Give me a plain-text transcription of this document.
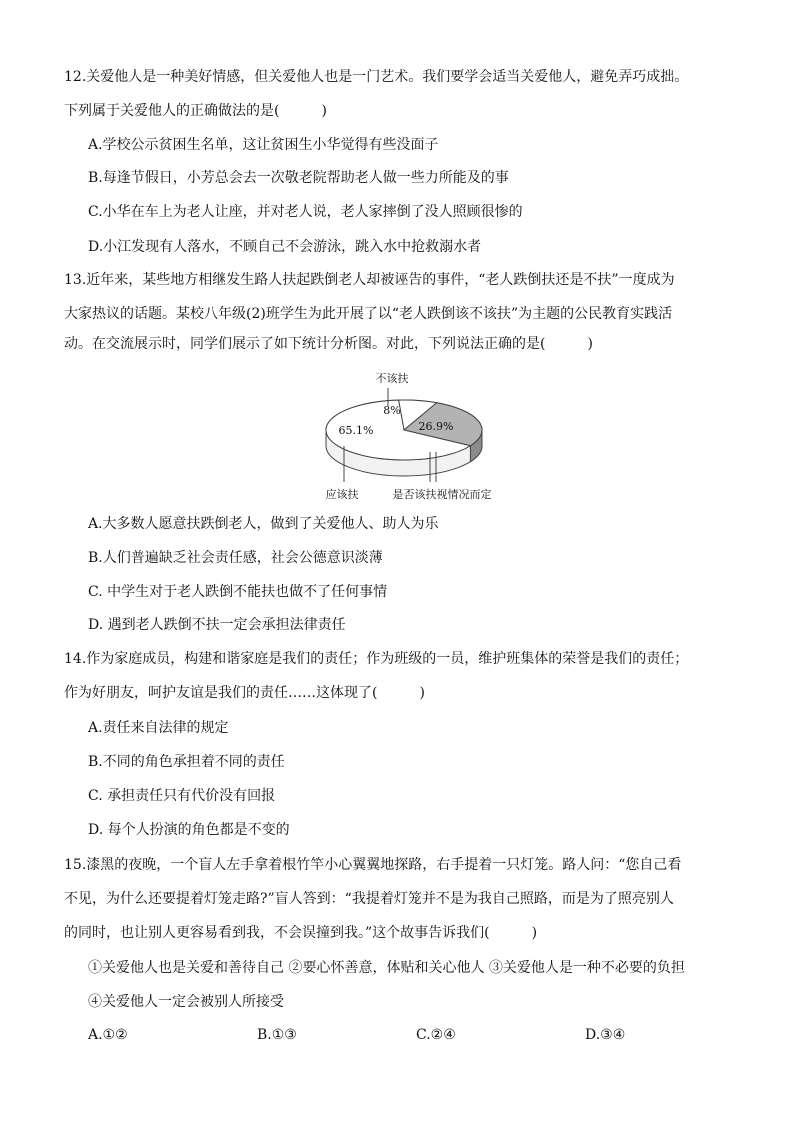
12.关爱他人是一种美好情感，但关爱他人也是一门艺术。我们要学会适当关爱他人，避免弄巧成拙。
下列属于关爱他人的正确做法的是(　　　)
A.学校公示贫困生名单，这让贫困生小华觉得有些没面子
B.每逢节假日，小芳总会去一次敬老院帮助老人做一些力所能及的事
C.小华在车上为老人让座，并对老人说，老人家摔倒了没人照顾很惨的
D.小江发现有人落水，不顾自己不会游泳，跳入水中抢救溺水者
13.近年来，某些地方相继发生路人扶起跌倒老人却被诬告的事件，“老人跌倒扶还是不扶”一度成为
大家热议的话题。某校八年级(2)班学生为此开展了以“老人跌倒该不该扶”为主题的公民教育实践活
动。在交流展示时，同学们展示了如下统计分析图。对此，下列说法正确的是(　　　)
65.1%	26.9%
8%
不该扶
应该扶	是否该扶视情况而定
A.大多数人愿意扶跌倒老人，做到了关爱他人、助人为乐
B.人们普遍缺乏社会责任感，社会公德意识淡薄
C. 中学生对于老人跌倒不能扶也做不了任何事情
D. 遇到老人跌倒不扶一定会承担法律责任
14.作为家庭成员，构建和谐家庭是我们的责任；作为班级的一员，维护班集体的荣誉是我们的责任；
作为好朋友，呵护友谊是我们的责任……这体现了(　　　)
A.责任来自法律的规定
B.不同的角色承担着不同的责任
C. 承担责任只有代价没有回报
D. 每个人扮演的角色都是不变的
15.漆黑的夜晚，一个盲人左手拿着根竹竿小心翼翼地探路，右手提着一只灯笼。路人问：“您自己看
不见，为什么还要提着灯笼走路?”盲人答到：“我提着灯笼并不是为我自己照路，而是为了照亮别人
的同时，也让别人更容易看到我，不会误撞到我。”这个故事告诉我们(　　　)
①关爱他人也是关爱和善待自己 ②要心怀善意，体贴和关心他人 ③关爱他人是一种不必要的负担
④关爱他人一定会被别人所接受
A.①②	B.①③	C.②④	D.③④
